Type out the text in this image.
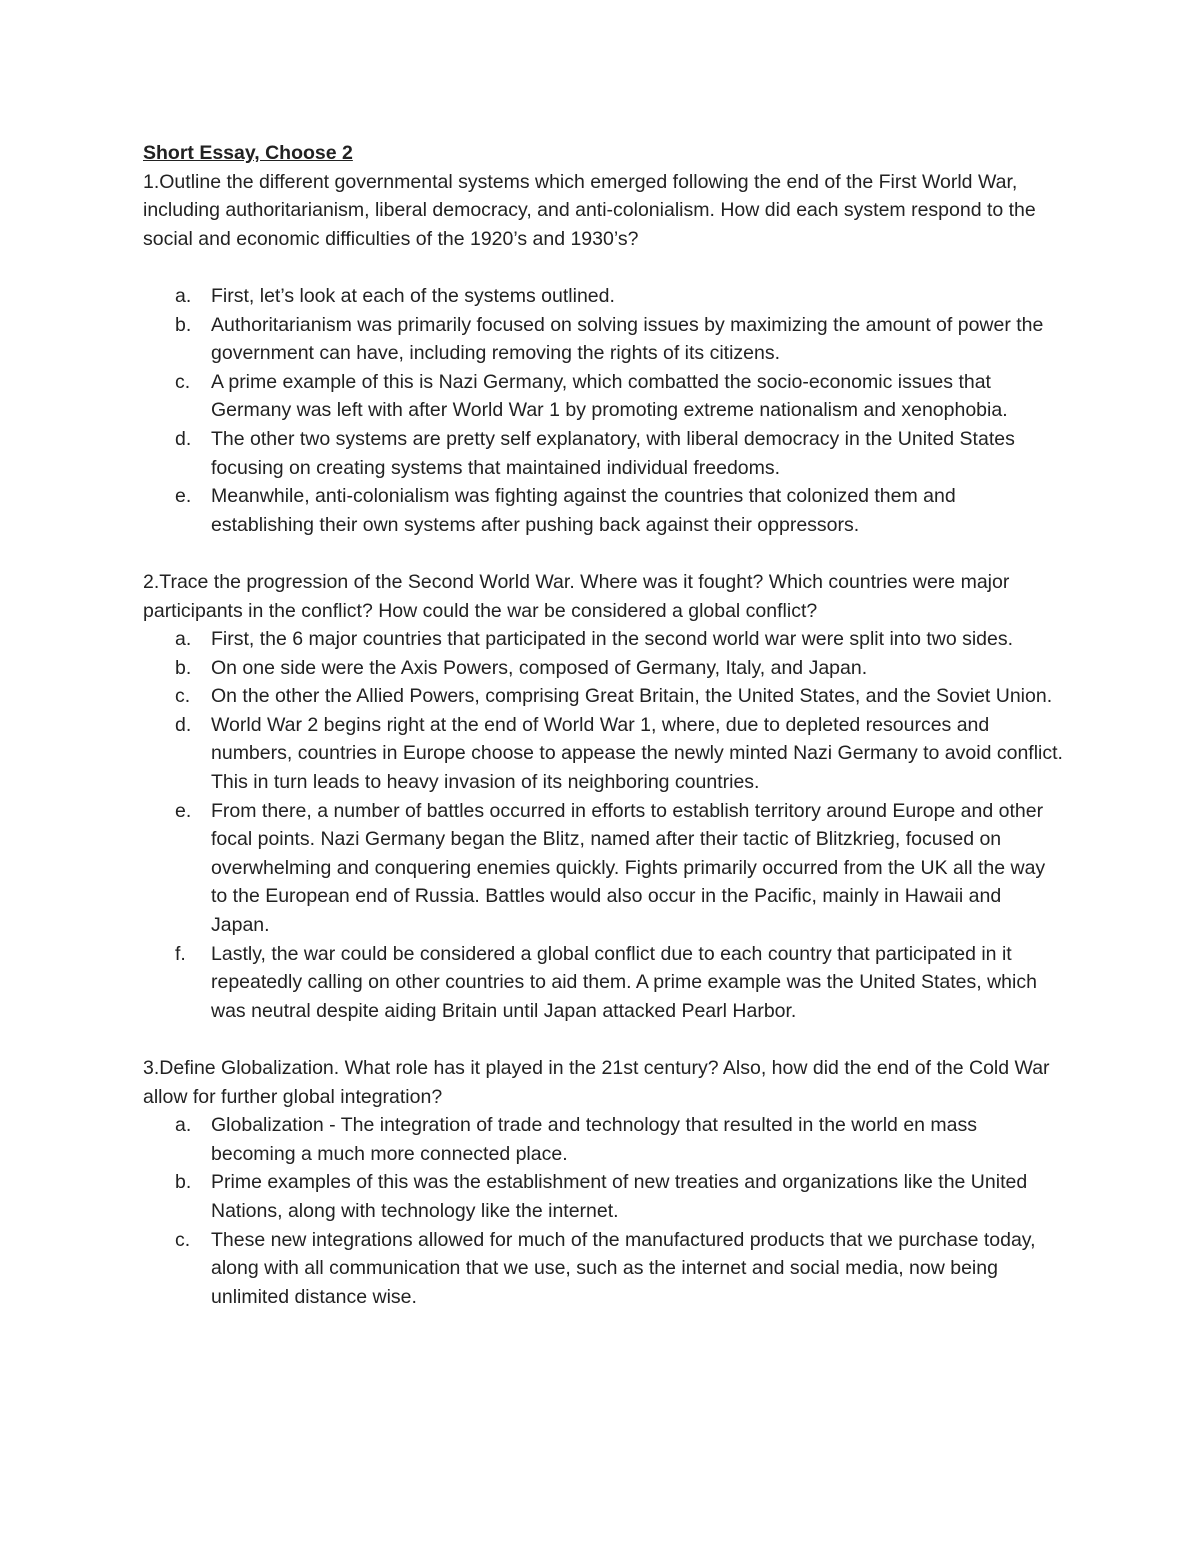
Short Essay, Choose 2

1.Outline the different governmental systems which emerged following the end of the First World War, including authoritarianism, liberal democracy, and anti-colonialism. How did each system respond to the social and economic difficulties of the 1920’s and 1930’s?

a. First, let’s look at each of the systems outlined.
b. Authoritarianism was primarily focused on solving issues by maximizing the amount of power the government can have, including removing the rights of its citizens.
c. A prime example of this is Nazi Germany, which combatted the socio-economic issues that Germany was left with after World War 1 by promoting extreme nationalism and xenophobia.
d. The other two systems are pretty self explanatory, with liberal democracy in the United States focusing on creating systems that maintained individual freedoms.
e. Meanwhile, anti-colonialism was fighting against the countries that colonized them and establishing their own systems after pushing back against their oppressors.

2.Trace the progression of the Second World War. Where was it fought? Which countries were major participants in the conflict? How could the war be considered a global conflict?

a. First, the 6 major countries that participated in the second world war were split into two sides.
b. On one side were the Axis Powers, composed of Germany, Italy, and Japan.
c. On the other the Allied Powers, comprising Great Britain, the United States, and the Soviet Union.
d. World War 2 begins right at the end of World War 1, where, due to depleted resources and numbers, countries in Europe choose to appease the newly minted Nazi Germany to avoid conflict. This in turn leads to heavy invasion of its neighboring countries.
e. From there, a number of battles occurred in efforts to establish territory around Europe and other focal points. Nazi Germany began the Blitz, named after their tactic of Blitzkrieg, focused on overwhelming and conquering enemies quickly. Fights primarily occurred from the UK all the way to the European end of Russia. Battles would also occur in the Pacific, mainly in Hawaii and Japan.
f. Lastly, the war could be considered a global conflict due to each country that participated in it repeatedly calling on other countries to aid them. A prime example was the United States, which was neutral despite aiding Britain until Japan attacked Pearl Harbor.

3.Define Globalization. What role has it played in the 21st century? Also, how did the end of the Cold War allow for further global integration?

a. Globalization - The integration of trade and technology that resulted in the world en mass becoming a much more connected place.
b. Prime examples of this was the establishment of new treaties and organizations like the United Nations, along with technology like the internet.
c. These new integrations allowed for much of the manufactured products that we purchase today, along with all communication that we use, such as the internet and social media, now being unlimited distance wise.
